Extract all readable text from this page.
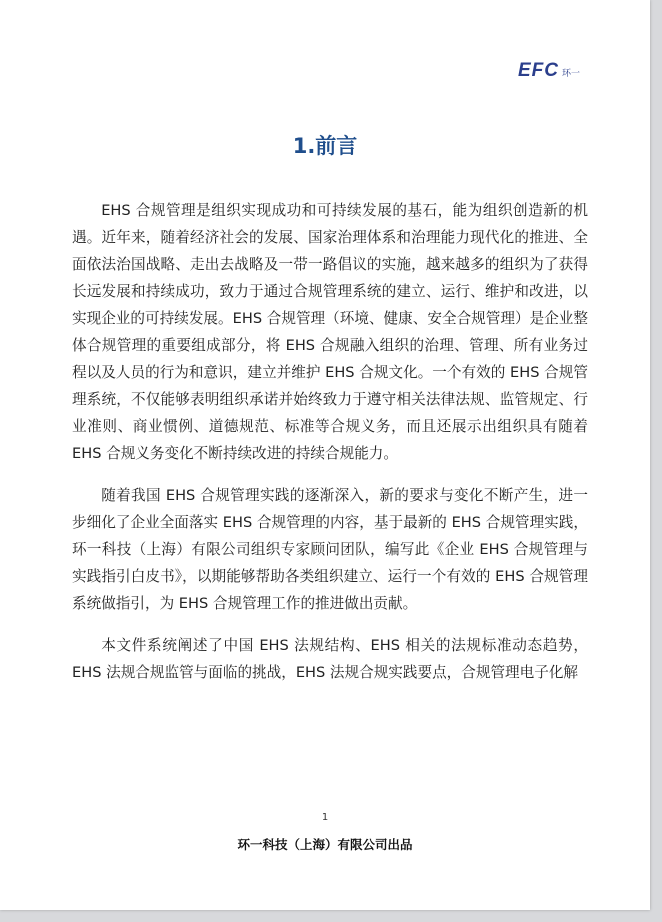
EFC 环一
1.前言

EHS 合规管理是组织实现成功和可持续发展的基石，能为组织创造新的机遇。近年来，随着经济社会的发展、国家治理体系和治理能力现代化的推进、全面依法治国战略、走出去战略及一带一路倡议的实施，越来越多的组织为了获得长远发展和持续成功，致力于通过合规管理系统的建立、运行、维护和改进，以实现企业的可持续发展。EHS 合规管理（环境、健康、安全合规管理）是企业整体合规管理的重要组成部分，将 EHS 合规融入组织的治理、管理、所有业务过程以及人员的行为和意识，建立并维护 EHS 合规文化。一个有效的 EHS 合规管理系统，不仅能够表明组织承诺并始终致力于遵守相关法律法规、监管规定、行业准则、商业惯例、道德规范、标准等合规义务，而且还展示出组织具有随着 EHS 合规义务变化不断持续改进的持续合规能力。

随着我国 EHS 合规管理实践的逐渐深入，新的要求与变化不断产生，进一步细化了企业全面落实 EHS 合规管理的内容，基于最新的 EHS 合规管理实践，环一科技（上海）有限公司组织专家顾问团队，编写此《企业 EHS 合规管理与实践指引白皮书》，以期能够帮助各类组织建立、运行一个有效的 EHS 合规管理系统做指引，为 EHS 合规管理工作的推进做出贡献。

本文件系统阐述了中国 EHS 法规结构、EHS 相关的法规标准动态趋势，EHS 法规合规监管与面临的挑战，EHS 法规合规实践要点，合规管理电子化解

1
环一科技（上海）有限公司出品
